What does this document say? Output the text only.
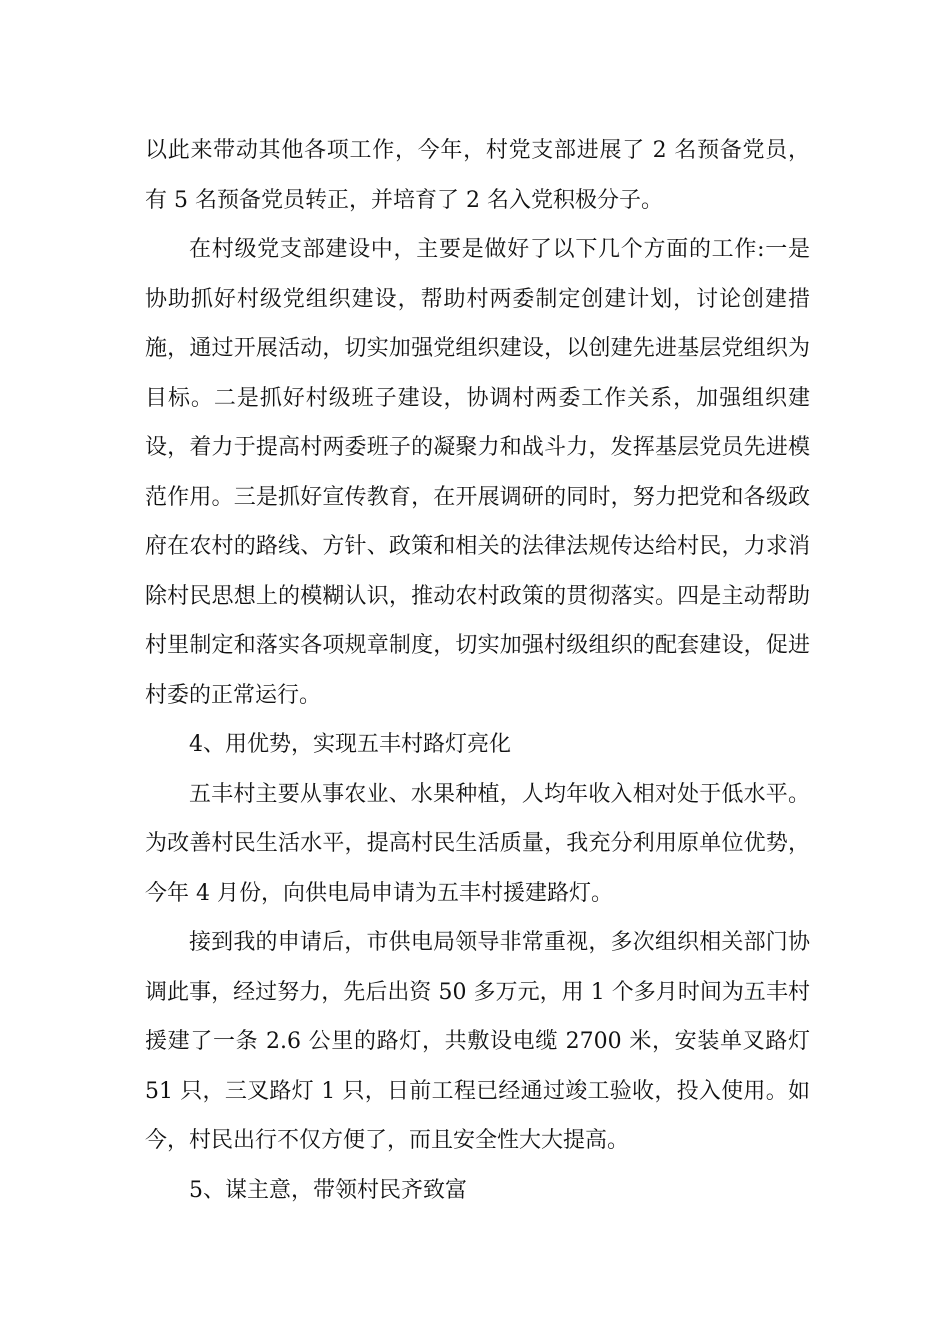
以此来带动其他各项工作，今年，村党支部进展了 2 名预备党员，有 5 名预备党员转正，并培育了 2 名入党积极分子。

在村级党支部建设中，主要是做好了以下几个方面的工作:一是协助抓好村级党组织建设，帮助村两委制定创建计划，讨论创建措施，通过开展活动，切实加强党组织建设，以创建先进基层党组织为目标。二是抓好村级班子建设，协调村两委工作关系，加强组织建设，着力于提高村两委班子的凝聚力和战斗力，发挥基层党员先进模范作用。三是抓好宣传教育，在开展调研的同时，努力把党和各级政府在农村的路线、方针、政策和相关的法律法规传达给村民，力求消除村民思想上的模糊认识，推动农村政策的贯彻落实。四是主动帮助村里制定和落实各项规章制度，切实加强村级组织的配套建设，促进村委的正常运行。

4、用优势，实现五丰村路灯亮化

五丰村主要从事农业、水果种植，人均年收入相对处于低水平。为改善村民生活水平，提高村民生活质量，我充分利用原单位优势，今年 4 月份，向供电局申请为五丰村援建路灯。

接到我的申请后，市供电局领导非常重视，多次组织相关部门协调此事，经过努力，先后出资 50 多万元，用 1 个多月时间为五丰村援建了一条 2.6 公里的路灯，共敷设电缆 2700 米，安装单叉路灯 51 只，三叉路灯 1 只，日前工程已经通过竣工验收，投入使用。如今，村民出行不仅方便了，而且安全性大大提高。

5、谋主意，带领村民齐致富
